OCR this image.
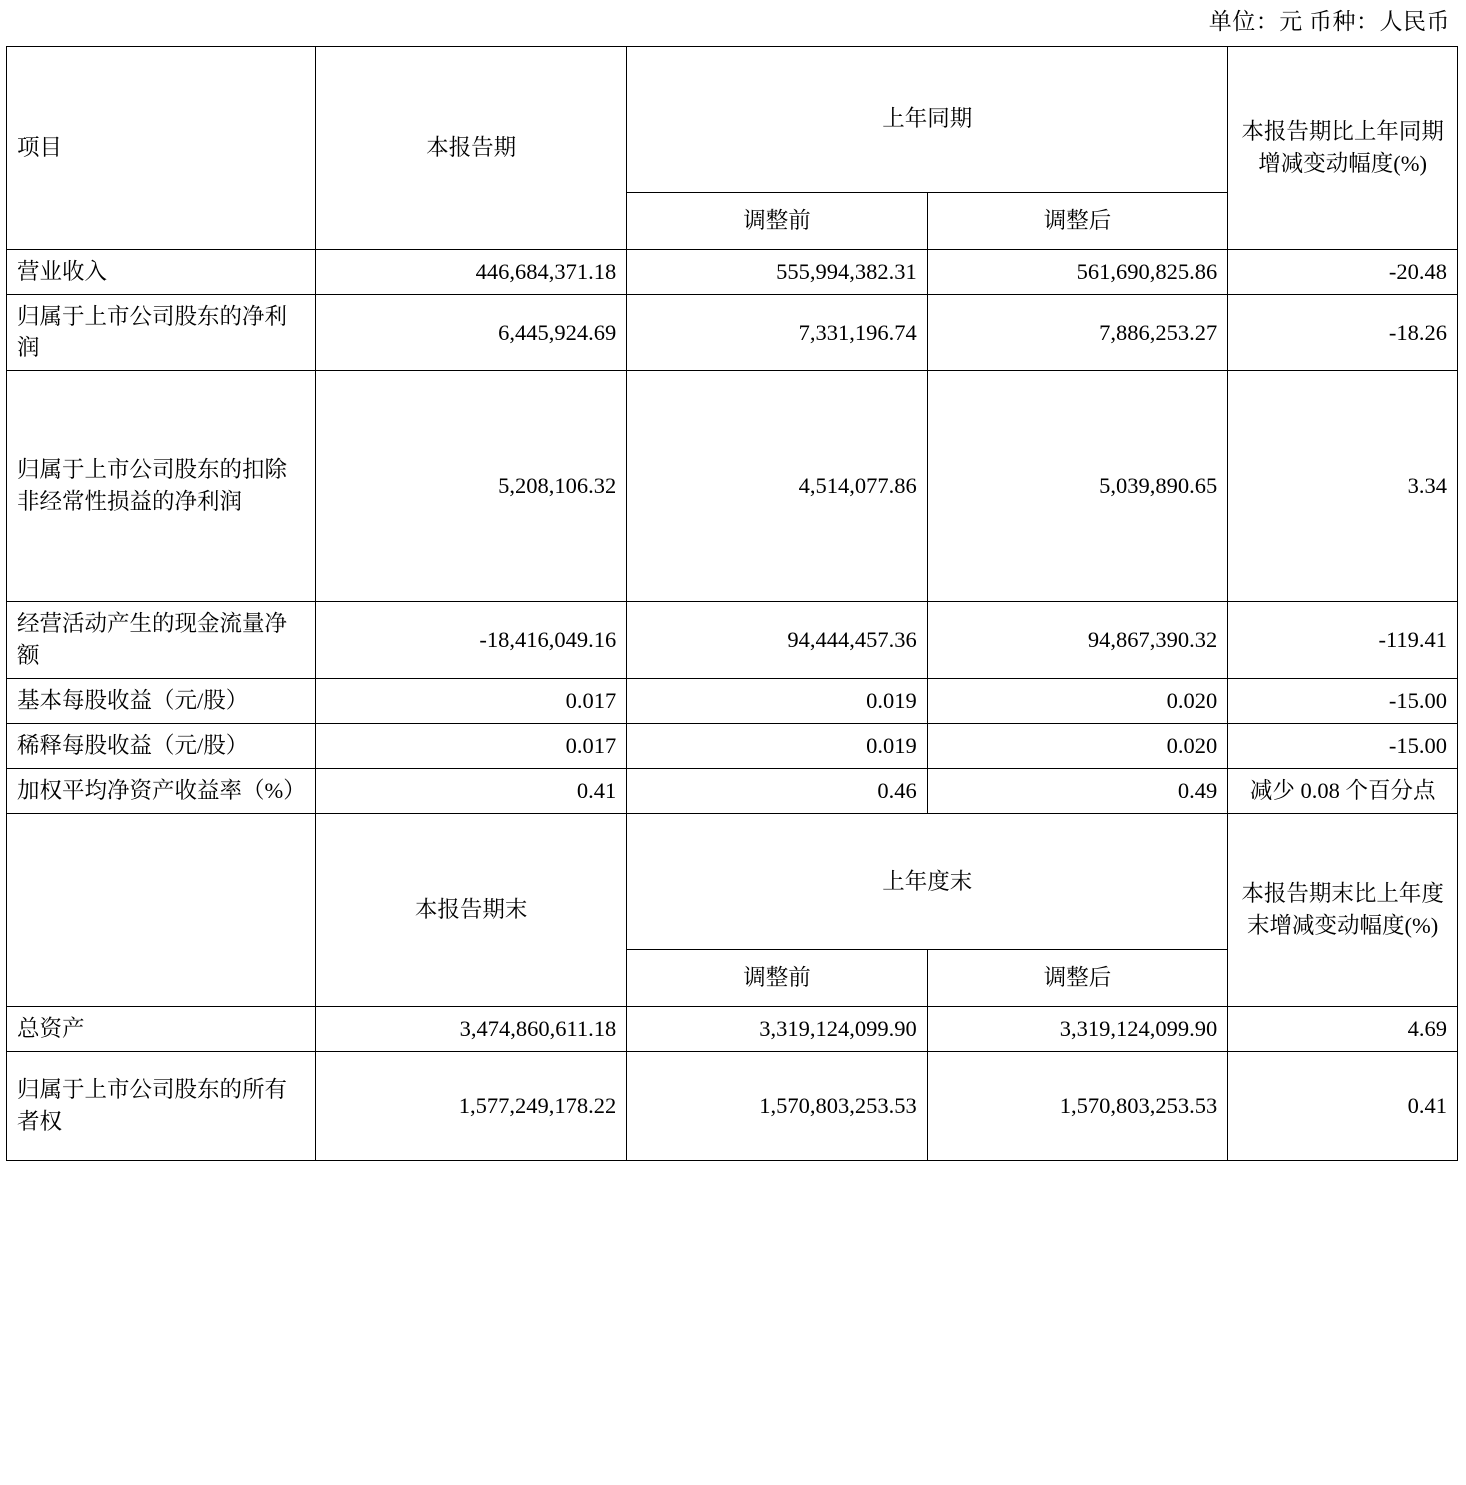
单位：元 币种：人民币
项目	本报告期	上年同期		本报告期比上年同期增减变动幅度(%)
		调整前	调整后	
营业收入	446,684,371.18	555,994,382.31	561,690,825.86	-20.48
归属于上市公司股东的净利润	6,445,924.69	7,331,196.74	7,886,253.27	-18.26
归属于上市公司股东的扣除非经常性损益的净利润	5,208,106.32	4,514,077.86	5,039,890.65	3.34
经营活动产生的现金流量净额	-18,416,049.16	94,444,457.36	94,867,390.32	-119.41
基本每股收益（元/股）	0.017	0.019	0.020	-15.00
稀释每股收益（元/股）	0.017	0.019	0.020	-15.00
加权平均净资产收益率（%）	0.41	0.46	0.49	减少 0.08 个百分点
	本报告期末	上年度末		本报告期末比上年度末增减变动幅度(%)
		调整前	调整后	
总资产	3,474,860,611.18	3,319,124,099.90	3,319,124,099.90	4.69
归属于上市公司股东的所有者权	1,577,249,178.22	1,570,803,253.53	1,570,803,253.53	0.41
